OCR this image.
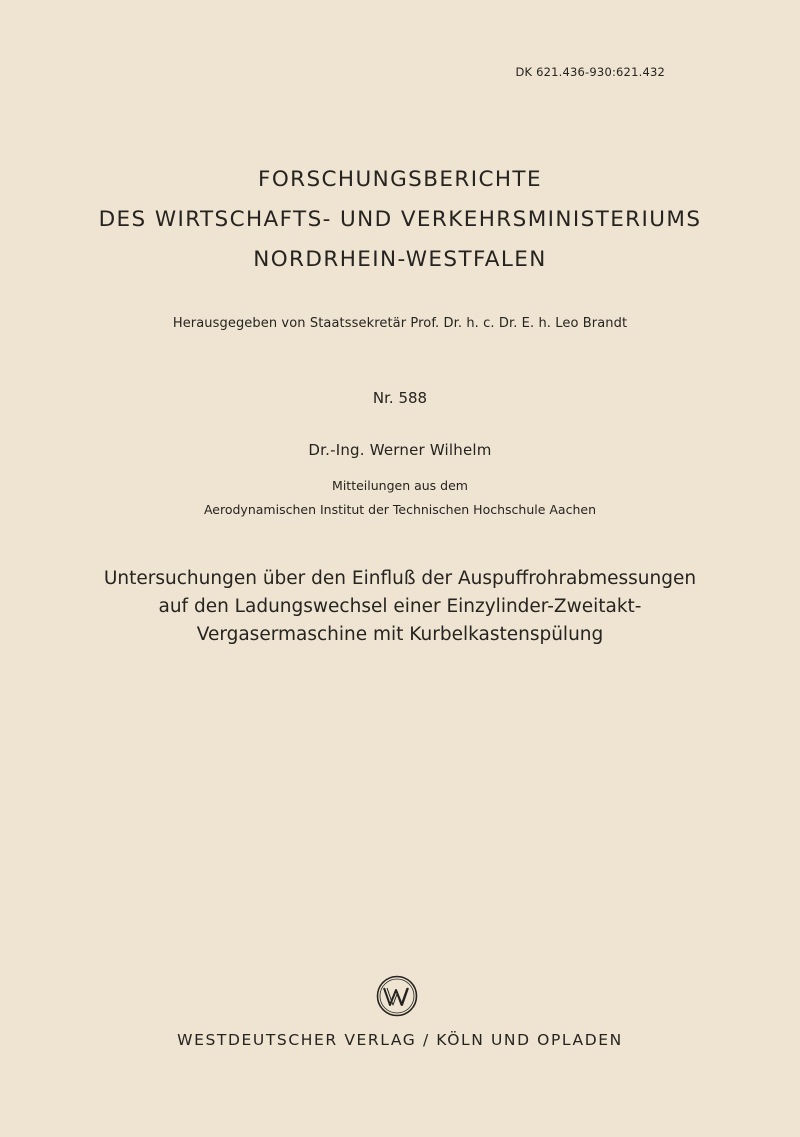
DK 621.436-930:621.432
FORSCHUNGSBERICHTE
DES WIRTSCHAFTS- UND VERKEHRSMINISTERIUMS
NORDRHEIN-WESTFALEN
Herausgegeben von Staatssekretär Prof. Dr. h. c. Dr. E. h. Leo Brandt
Nr. 588
Dr.-Ing. Werner Wilhelm
Mitteilungen aus dem
Aerodynamischen Institut der Technischen Hochschule Aachen
Untersuchungen über den Einfluß der Auspuffrohrabmessungen
auf den Ladungswechsel einer Einzylinder-Zweitakt-
Vergasermaschine mit Kurbelkastenspülung
WESTDEUTSCHER VERLAG / KÖLN UND OPLADEN
